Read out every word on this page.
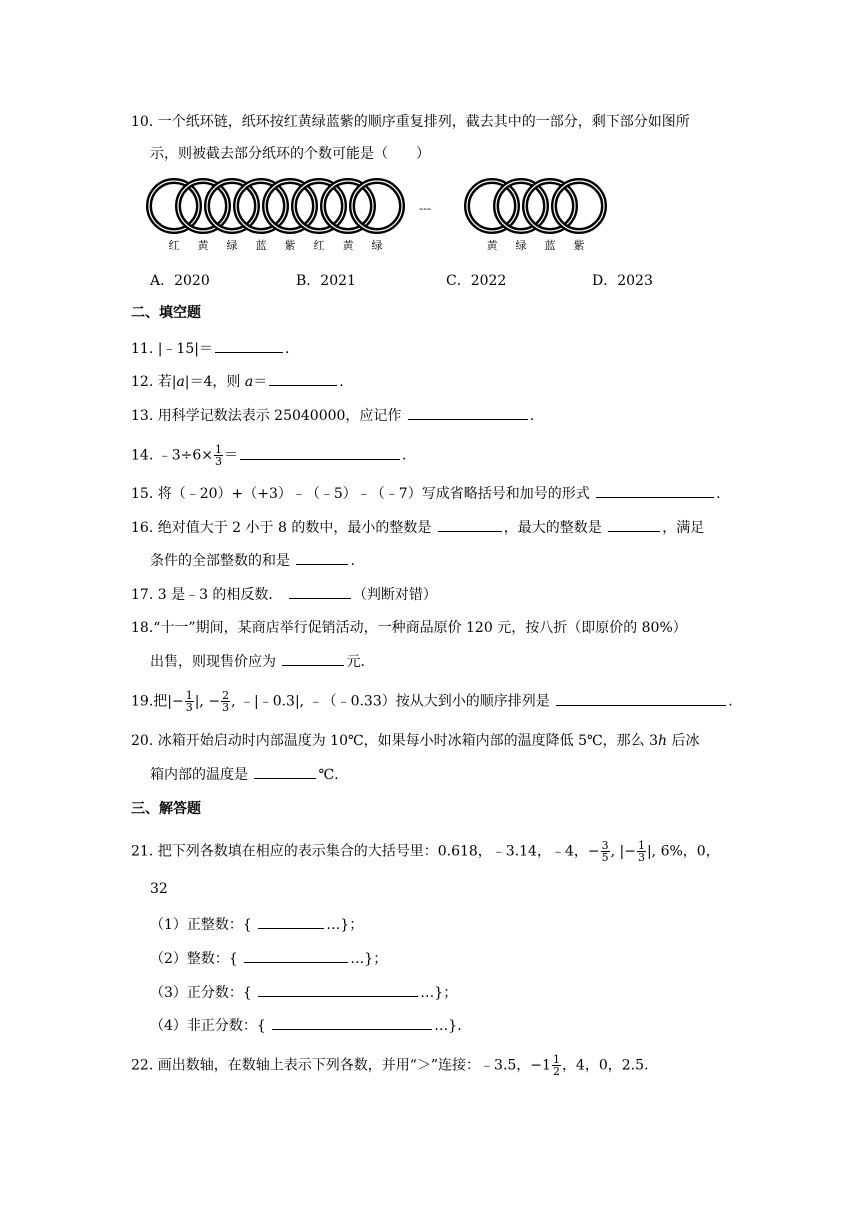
10. 一个纸环链，纸环按红黄绿蓝紫的顺序重复排列，截去其中的一部分，剩下部分如图所
示，则被截去部分纸环的个数可能是（　　）
红 黄 绿 蓝 紫 红 黄 绿
---
黄 绿 蓝 紫
A．2020	B．2021	C．2022	D．2023
二、填空题
11. |﹣15|＝	.
12. 若|a|＝4，则 a＝	.
13. 用科学记数法表示 25040000，应记作	.
14. ﹣3÷6× $\frac{1}{3}$ ＝	.
15. 将（﹣20）+（+3）﹣（﹣5）﹣（﹣7）写成省略括号和加号的形式	.
16. 绝对值大于 2 小于 8 的数中，最小的整数是	，最大的整数是	，满足
条件的全部整数的和是	.
17. 3 是﹣3 的相反数．	（判断对错）
18.“十一”期间，某商店举行促销活动，一种商品原价 120 元，按八折（即原价的 80%）
出售，则现售价应为	元．
19.把|− $\frac{1}{3}$ |, − $\frac{2}{3}$ , ﹣|﹣0.3|, ﹣（﹣0.33）按从大到小的顺序排列是	.
20. 冰箱开始启动时内部温度为 10℃，如果每小时冰箱内部的温度降低 5℃，那么 3h 后冰
箱内部的温度是	℃.
三、解答题
21. 把下列各数填在相应的表示集合的大括号里：0.618，﹣3.14，﹣4，− $\frac{3}{5}$ , |− $\frac{1}{3}$ |, 6%，0，
32
（1）正整数：{	…}；
（2）整数：{	…}；
（3）正分数：{	…}；
（4）非正分数：{	…}.
22. 画出数轴，在数轴上表示下列各数，并用“＞”连接：﹣3.5，$-1 \frac{1}{2}$ ，4，0，2.5.
